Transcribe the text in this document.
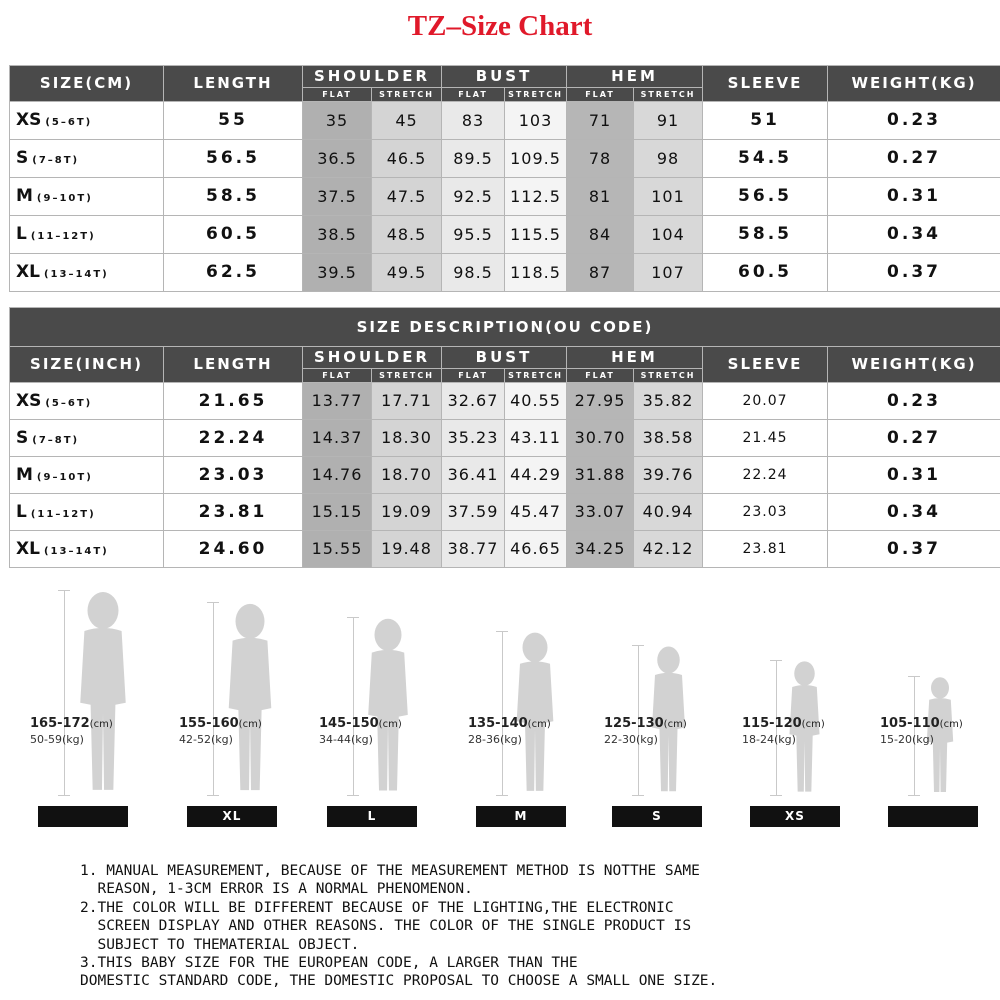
TZ–Size Chart
SIZE(CM)	LENGTH	SHOULDER		BUST		HEM		SLEEVE	WEIGHT(KG)
		FLAT	STRETCH	FLAT	STRETCH	FLAT	STRETCH		
XS (5–6T)	55	35	45	83	103	71	91	51	0.23
S (7–8T)	56.5	36.5	46.5	89.5	109.5	78	98	54.5	0.27
M (9–10T)	58.5	37.5	47.5	92.5	112.5	81	101	56.5	0.31
L (11–12T)	60.5	38.5	48.5	95.5	115.5	84	104	58.5	0.34
XL (13–14T)	62.5	39.5	49.5	98.5	118.5	87	107	60.5	0.37
SIZE DESCRIPTION(OU CODE)									
SIZE(INCH)	LENGTH	SHOULDER		BUST		HEM		SLEEVE	WEIGHT(KG)
		FLAT	STRETCH	FLAT	STRETCH	FLAT	STRETCH		
XS (5–6T)	21.65	13.77	17.71	32.67	40.55	27.95	35.82	20.07	0.23
S (7–8T)	22.24	14.37	18.30	35.23	43.11	30.70	38.58	21.45	0.27
M (9–10T)	23.03	14.76	18.70	36.41	44.29	31.88	39.76	22.24	0.31
L (11–12T)	23.81	15.15	19.09	37.59	45.47	33.07	40.94	23.03	0.34
XL (13–14T)	24.60	15.55	19.48	38.77	46.65	34.25	42.12	23.81	0.37
165-172(cm)
50-59(kg)
155-160(cm)
42-52(kg)
XL
145-150(cm)
34-44(kg)
L
135-140(cm)
28-36(kg)
M
125-130(cm)
22-30(kg)
S
115-120(cm)
18-24(kg)
XS
105-110(cm)
15-20(kg)

1. MANUAL MEASUREMENT, BECAUSE OF THE MEASUREMENT METHOD IS NOTTHE SAME

REASON, 1-3CM ERROR IS A NORMAL PHENOMENON.

2.THE COLOR WILL BE DIFFERENT BECAUSE OF THE LIGHTING,THE ELECTRONIC

SCREEN DISPLAY AND OTHER REASONS. THE COLOR OF THE SINGLE PRODUCT IS

SUBJECT TO THEMATERIAL OBJECT.

3.THIS BABY SIZE FOR THE EUROPEAN CODE, A LARGER THAN THE

DOMESTIC STANDARD CODE, THE DOMESTIC PROPOSAL TO CHOOSE A SMALL ONE SIZE.
